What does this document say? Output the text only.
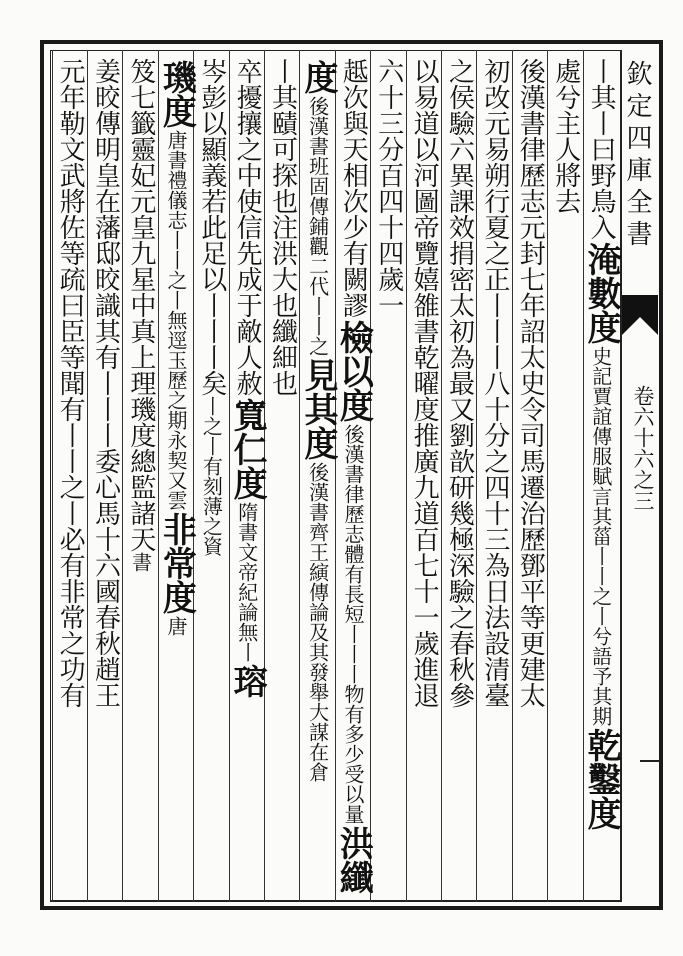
欽定四庫全書
卷六十六之三
丨其丨曰野鳥入
淹數度
史記賈誼傳服賦言其菑丨丨之丨兮語予其期
乾鑿度
處兮主人將去
後漢書律歷志元封七年詔太史令司馬遷治歷鄧平等更建太
初改元易朔行夏之正丨丨丨八十分之四十三為日法設清臺
之侯驗六異課效捐密太初為最又劉歆研幾極深驗之春秋參
以易道以河圖帝覽嬉雒書乾曜度推廣九道百七十一歲進退
六十三分百四十四歲一
趆次與天相次少有闕謬
檢以度
後漢書律歷志體有長短丨丨丨物有多少受以量
洪纖
度
後漢書班固傳鋪觀二代丨丨之
見其度
後漢書齊王縯傳論及其發舉大謀在倉
丨其賾可探也注洪大也纖細也
卒擾攘之中使信先成于敵人赦
寬仁度
隋書文帝紀論無丨
瑢
岑彭以顯義若此足以丨丨丨矣
丨之丨有刻薄之資
璣度
唐書禮儀志丨丨之丨無逕玉歷之期永契又雲
非常度
唐
笈七籤靈妃元皇九星中真上理璣度總監諸天
書
姜晈傳明皇在藩邸晈識其有丨丨丨委心馬十六國春秋趙王
元年勒文武將佐等疏曰臣等聞有丨丨之丨必有非常之功有
